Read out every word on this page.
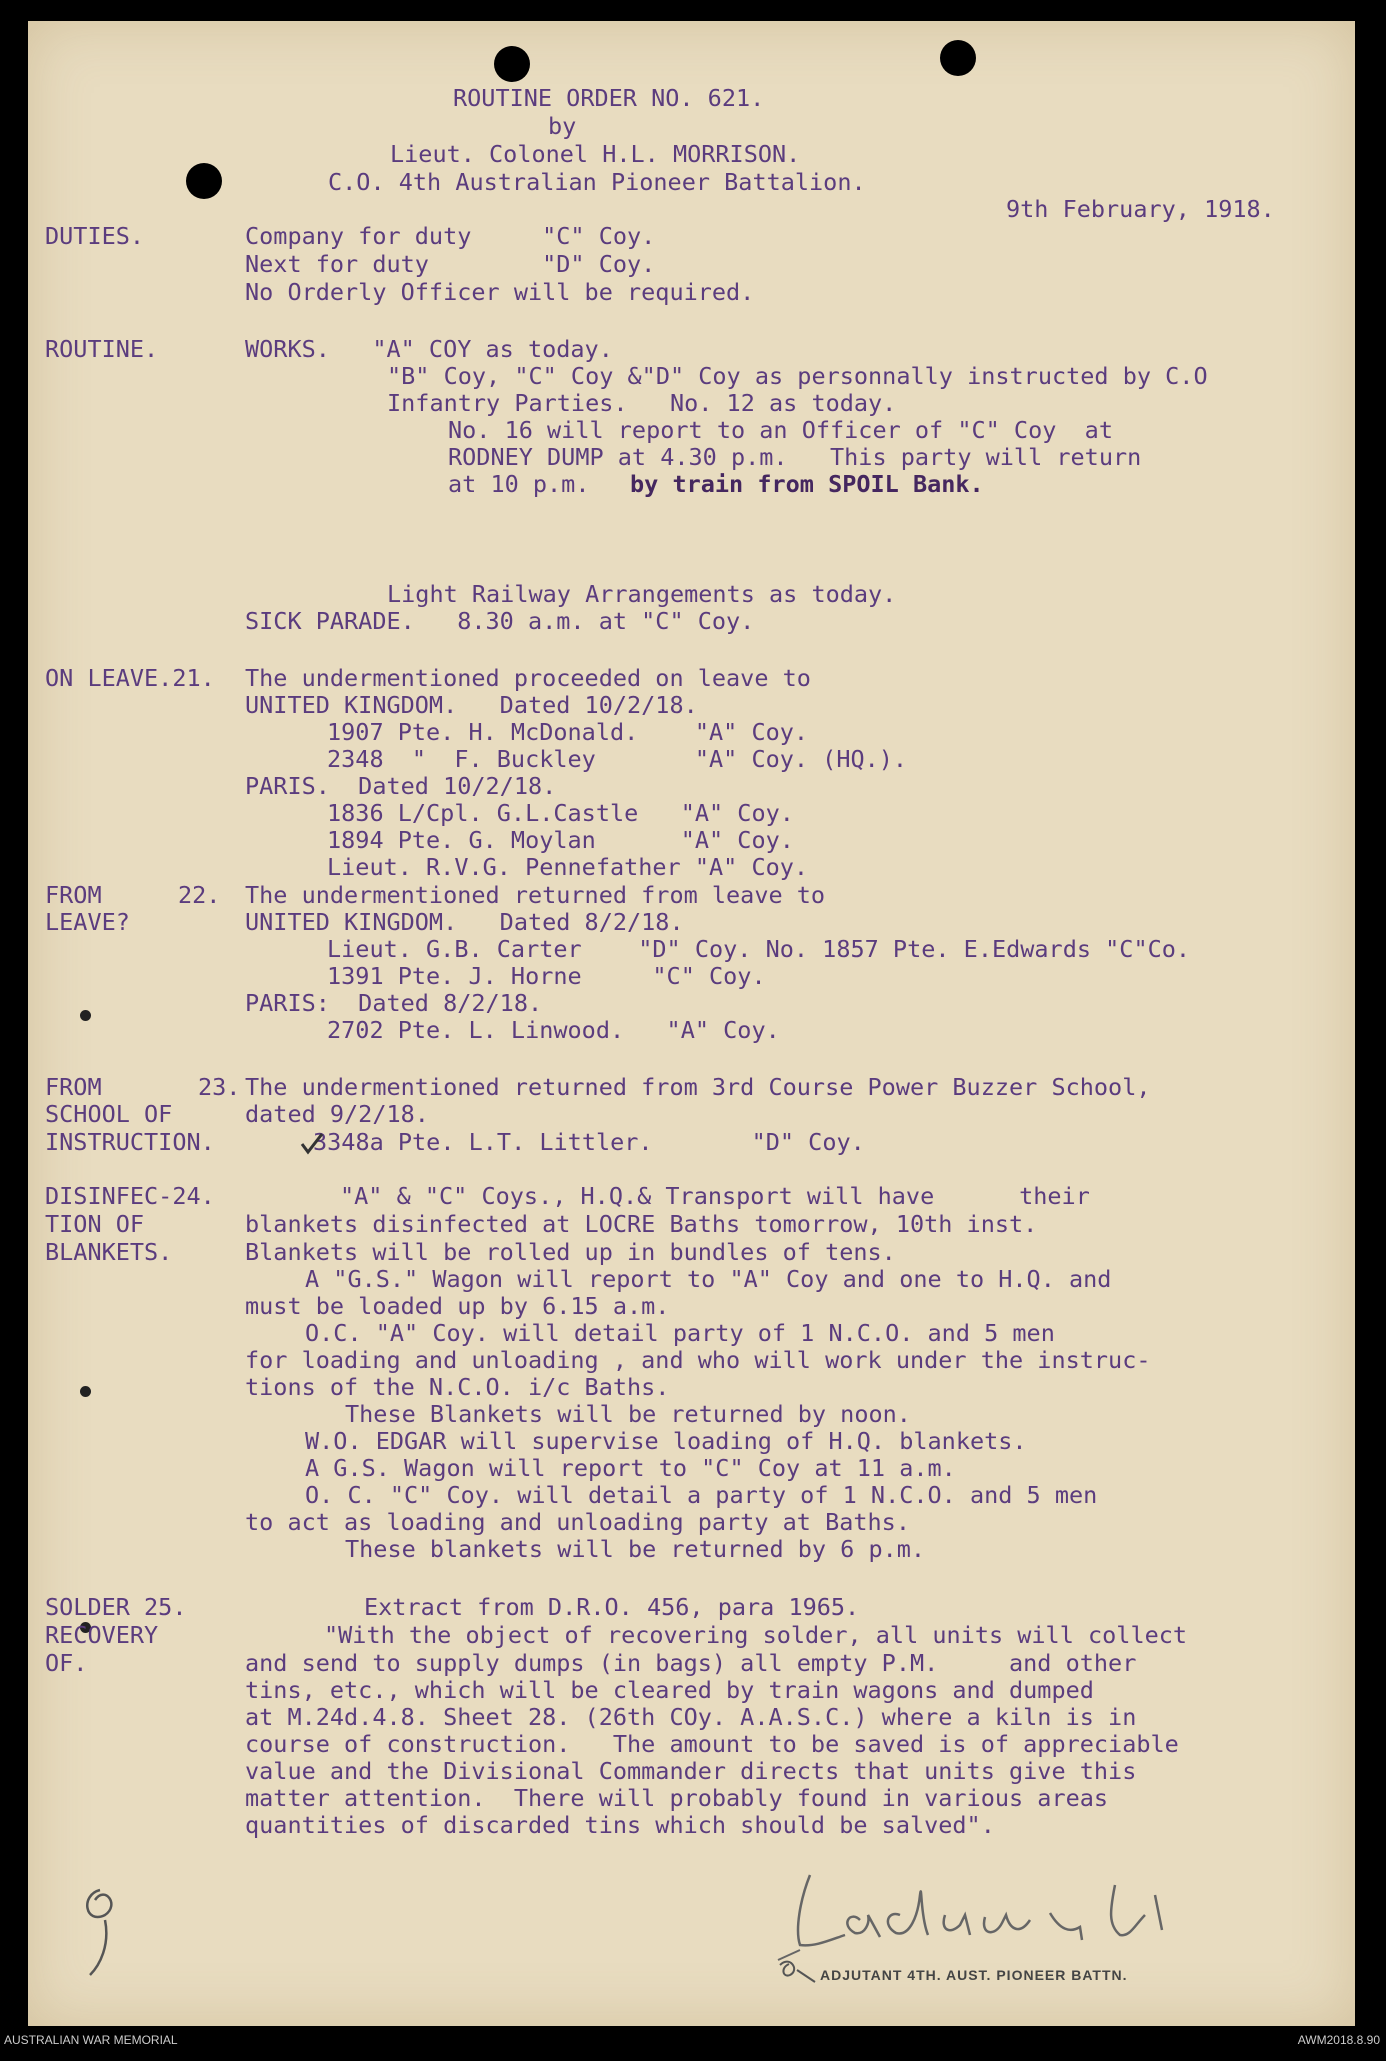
ROUTINE ORDER NO. 621.
by
Lieut. Colonel H.L. MORRISON.
C.O. 4th Australian Pioneer Battalion.
9th February, 1918.
DUTIES.	Company for duty     "C" Coy.
Next for duty        "D" Coy.
No Orderly Officer will be required.
ROUTINE.	WORKS.   "A" COY as today.
"B" Coy, "C" Coy &"D" Coy as personnally instructed by C.O
Infantry Parties.   No. 12 as today.
No. 16 will report to an Officer of "C" Coy  at
RODNEY DUMP at 4.30 p.m.   This party will return
at 10 p.m. by train from SPOIL Bank.
Light Railway Arrangements as today.
SICK PARADE.   8.30 a.m. at "C" Coy.
ON LEAVE.21. The undermentioned proceeded on leave to
UNITED KINGDOM.   Dated 10/2/18.
1907 Pte. H. McDonald.    "A" Coy.
2348  "  F. Buckley       "A" Coy. (HQ.).
PARIS.  Dated 10/2/18.
1836 L/Cpl. G.L.Castle   "A" Coy.
1894 Pte. G. Moylan      "A" Coy.
Lieut. R.V.G. Pennefather "A" Coy.
FROM	22.
LEAVE?
The undermentioned returned from leave to
UNITED KINGDOM.   Dated 8/2/18.
Lieut. G.B. Carter    "D" Coy. No. 1857 Pte. E.Edwards "C"Co.
1391 Pte. J. Horne     "C" Coy.
PARIS:  Dated 8/2/18.
2702 Pte. L. Linwood.   "A" Coy.
FROM	23.
SCHOOL OF
INSTRUCTION.
The undermentioned returned from 3rd Course Power Buzzer School,
dated 9/2/18.
3348a Pte. L.T. Littler.       "D" Coy.
DISINFEC-24.
TION OF
BLANKETS.
"A" & "C" Coys., H.Q.& Transport will have      their
blankets disinfected at LOCRE Baths tomorrow, 10th inst.
Blankets will be rolled up in bundles of tens.
A "G.S." Wagon will report to "A" Coy and one to H.Q. and
must be loaded up by 6.15 a.m.
O.C. "A" Coy. will detail party of 1 N.C.O. and 5 men
for loading and unloading , and who will work under the instruc-
tions of the N.C.O. i/c Baths.
These Blankets will be returned by noon.
W.O. EDGAR will supervise loading of H.Q. blankets.
A G.S. Wagon will report to "C" Coy at 11 a.m.
O. C. "C" Coy. will detail a party of 1 N.C.O. and 5 men
to act as loading and unloading party at Baths.
These blankets will be returned by 6 p.m.
SOLDER 25.
RECOVERY
OF.
Extract from D.R.O. 456, para 1965.
"With the object of recovering solder, all units will collect
and send to supply dumps (in bags) all empty P.M.     and other
tins, etc., which will be cleared by train wagons and dumped
at M.24d.4.8. Sheet 28. (26th COy. A.A.S.C.) where a kiln is in
course of construction.   The amount to be saved is of appreciable
value and the Divisional Commander directs that units give this
matter attention.  There will probably found in various areas
quantities of discarded tins which should be salved".
ADJUTANT 4TH. AUST. PIONEER BATTN.
AUSTRALIAN WAR MEMORIAL	AWM2018.8.90
